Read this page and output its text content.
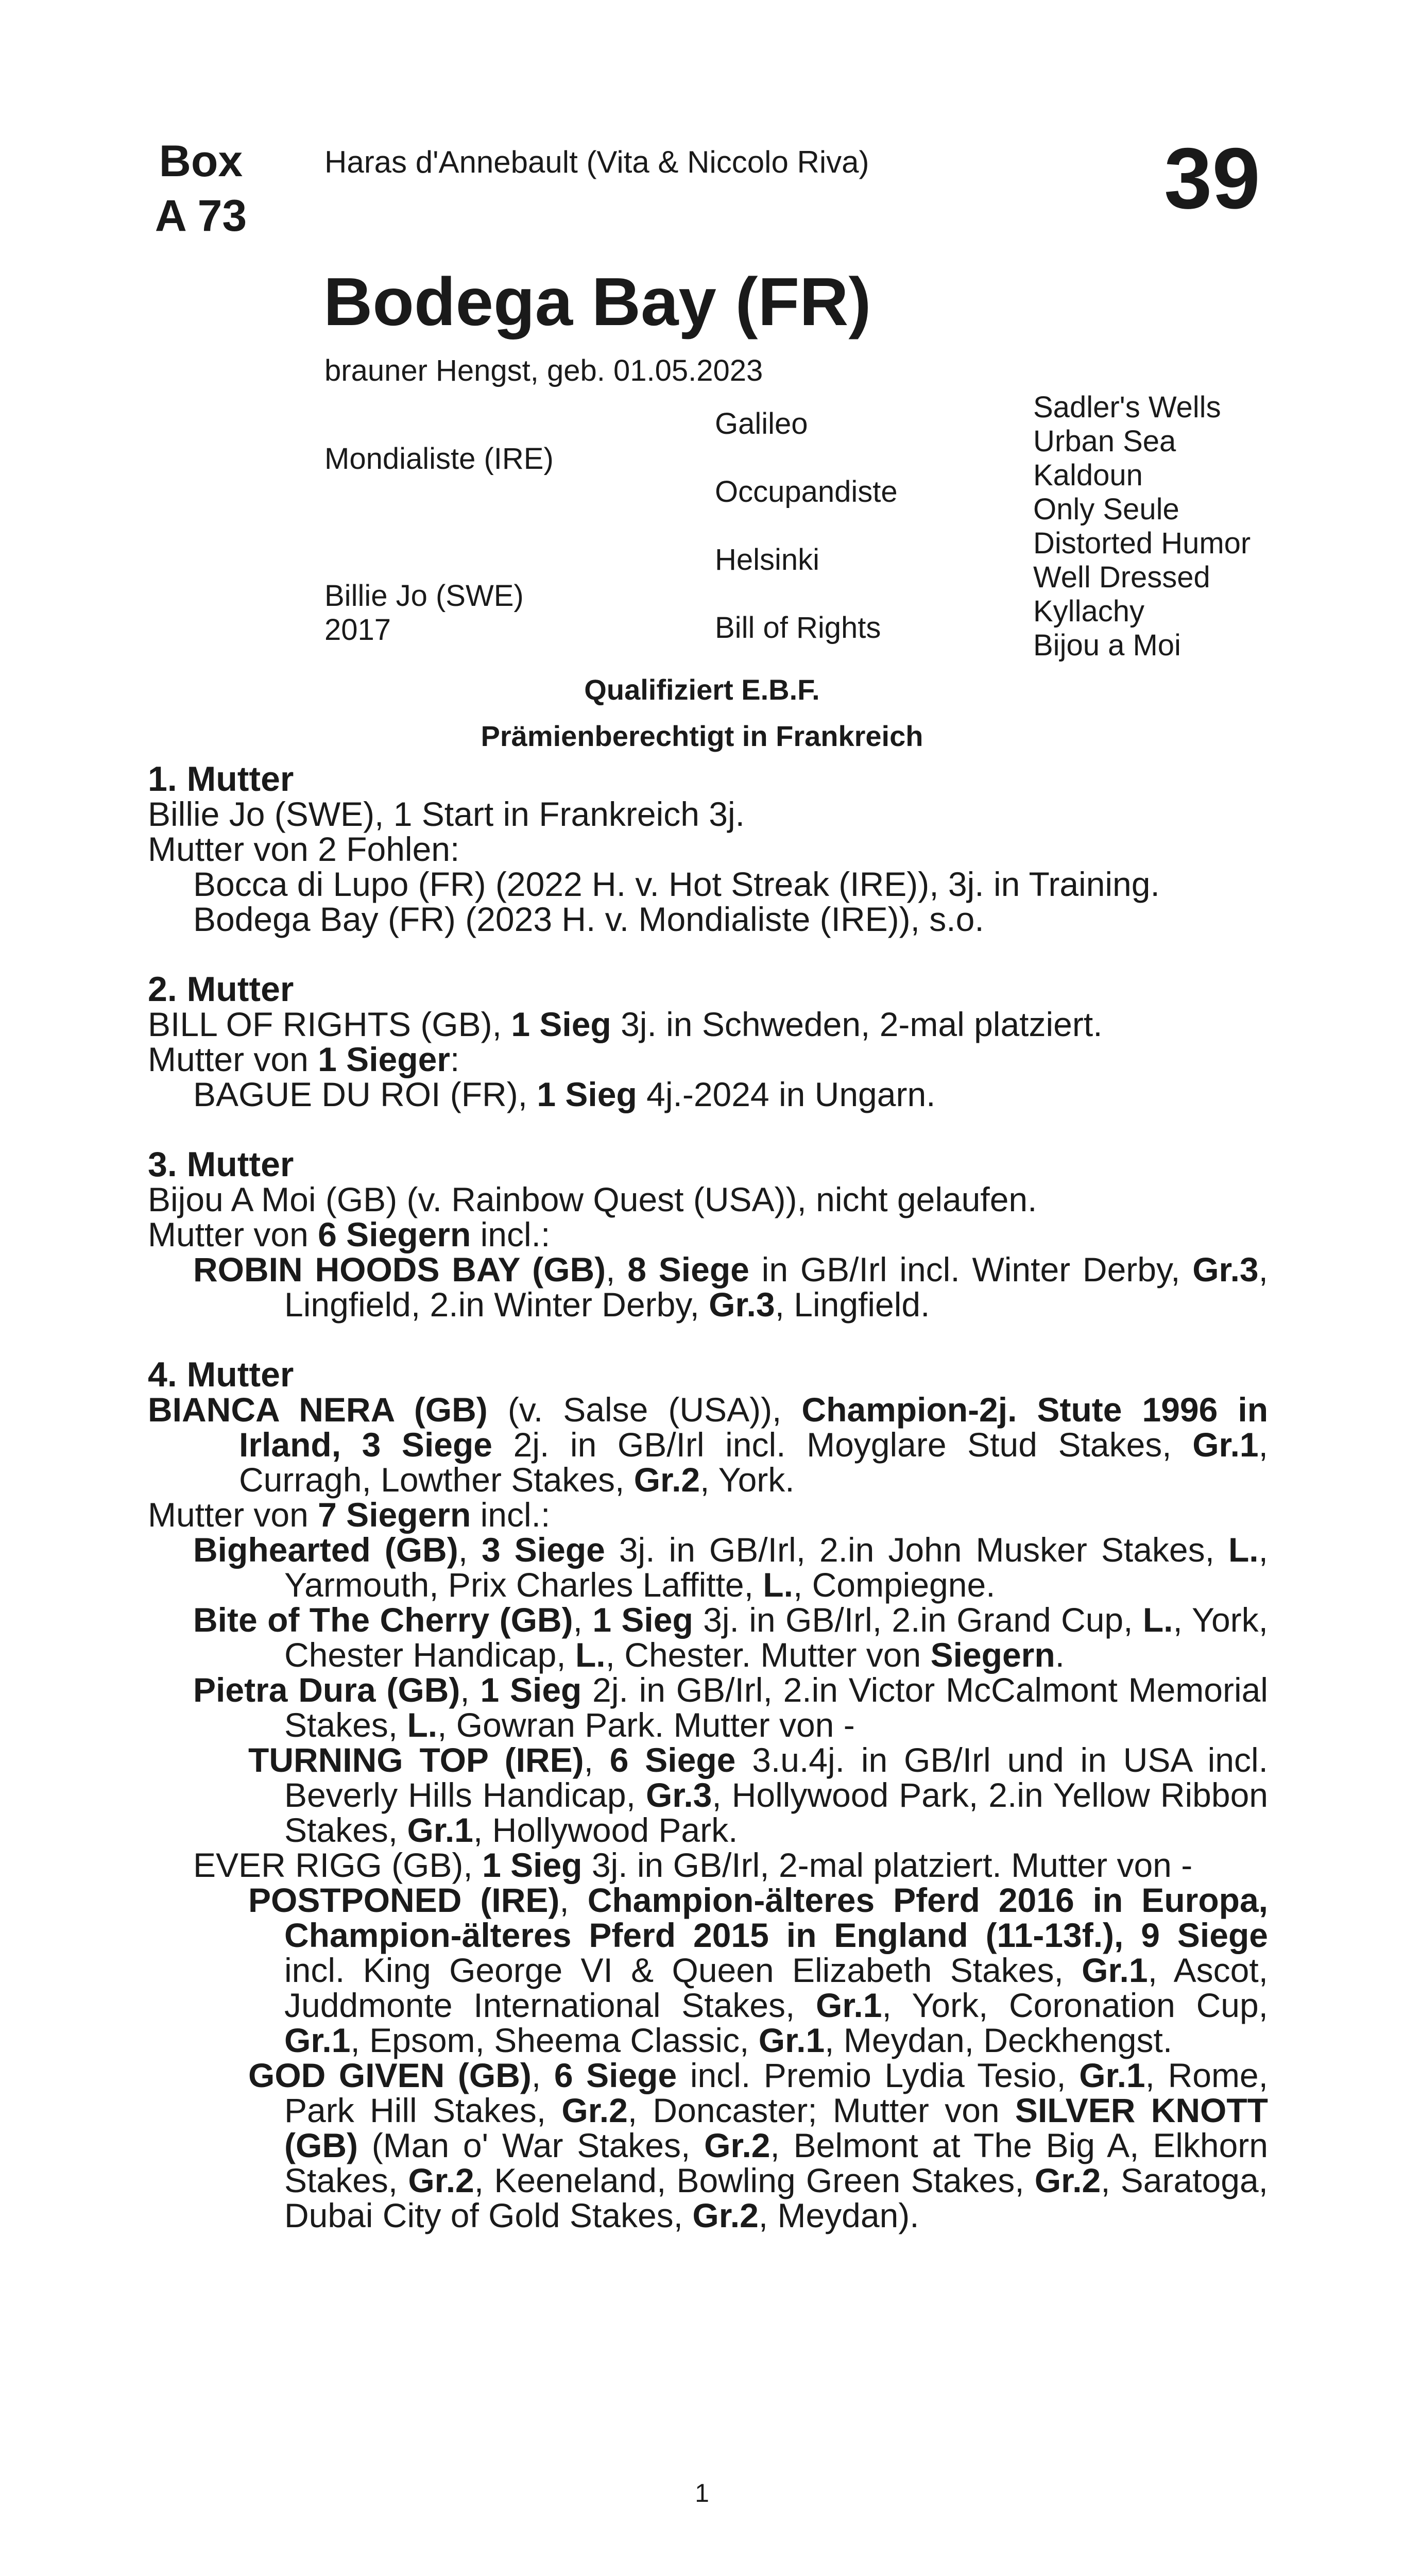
Box
A 73
Haras d'Annebault (Vita & Niccolo Riva)	39
Bodega Bay (FR)
brauner Hengst, geb. 01.05.2023
Mondialiste (IRE)
Billie Jo (SWE)
2017
Galileo
Occupandiste
Helsinki
Bill of Rights
Sadler's Wells
Urban Sea
Kaldoun
Only Seule
Distorted Humor
Well Dressed
Kyllachy
Bijou a Moi
Qualifiziert E.B.F.
Prämienberechtigt in Frankreich
1. Mutter

Billie Jo (SWE), 1 Start in Frankreich 3j.

Mutter von 2 Fohlen:

Bocca di Lupo (FR) (2022 H. v. Hot Streak (IRE)), 3j. in Training.

Bodega Bay (FR) (2023 H. v. Mondialiste (IRE)), s.o.

2. Mutter

BILL OF RIGHTS (GB), 1 Sieg 3j. in Schweden, 2-mal platziert.

Mutter von 1 Sieger:

BAGUE DU ROI (FR), 1 Sieg 4j.-2024 in Ungarn.

3. Mutter

Bijou A Moi (GB) (v. Rainbow Quest (USA)), nicht gelaufen.

Mutter von 6 Siegern incl.:

ROBIN HOODS BAY (GB), 8 Siege in GB/Irl incl. Winter Derby, Gr.3, Lingfield, 2.in Winter Derby, Gr.3, Lingfield.

4. Mutter

BIANCA NERA (GB) (v. Salse (USA)), Champion-2j. Stute 1996 in Irland, 3 Siege 2j. in GB/Irl incl. Moyglare Stud Stakes, Gr.1, Curragh, Lowther Stakes, Gr.2, York.

Mutter von 7 Siegern incl.:

Bighearted (GB), 3 Siege 3j. in GB/Irl, 2.in John Musker Stakes, L., Yarmouth, Prix Charles Laffitte, L., Compiegne.

Bite of The Cherry (GB), 1 Sieg 3j. in GB/Irl, 2.in Grand Cup, L., York, Chester Handicap, L., Chester. Mutter von Siegern.

Pietra Dura (GB), 1 Sieg 2j. in GB/Irl, 2.in Victor McCalmont Memorial Stakes, L., Gowran Park. Mutter von -

TURNING TOP (IRE), 6 Siege 3.u.4j. in GB/Irl und in USA incl. Beverly Hills Handicap, Gr.3, Hollywood Park, 2.in Yellow Ribbon Stakes, Gr.1, Hollywood Park.

EVER RIGG (GB), 1 Sieg 3j. in GB/Irl, 2-mal platziert. Mutter von -

POSTPONED (IRE), Champion-älteres Pferd 2016 in Europa, Champion-älteres Pferd 2015 in England (11-13f.), 9 Siege incl. King George VI & Queen Elizabeth Stakes, Gr.1, Ascot, Juddmonte International Stakes, Gr.1, York, Coronation Cup, Gr.1, Epsom, Sheema Classic, Gr.1, Meydan, Deckhengst.

GOD GIVEN (GB), 6 Siege incl. Premio Lydia Tesio, Gr.1, Rome, Park Hill Stakes, Gr.2, Doncaster; Mutter von SILVER KNOTT (GB) (Man o' War Stakes, Gr.2, Belmont at The Big A, Elkhorn Stakes, Gr.2, Keeneland, Bowling Green Stakes, Gr.2, Saratoga, Dubai City of Gold Stakes, Gr.2, Meydan).

1
